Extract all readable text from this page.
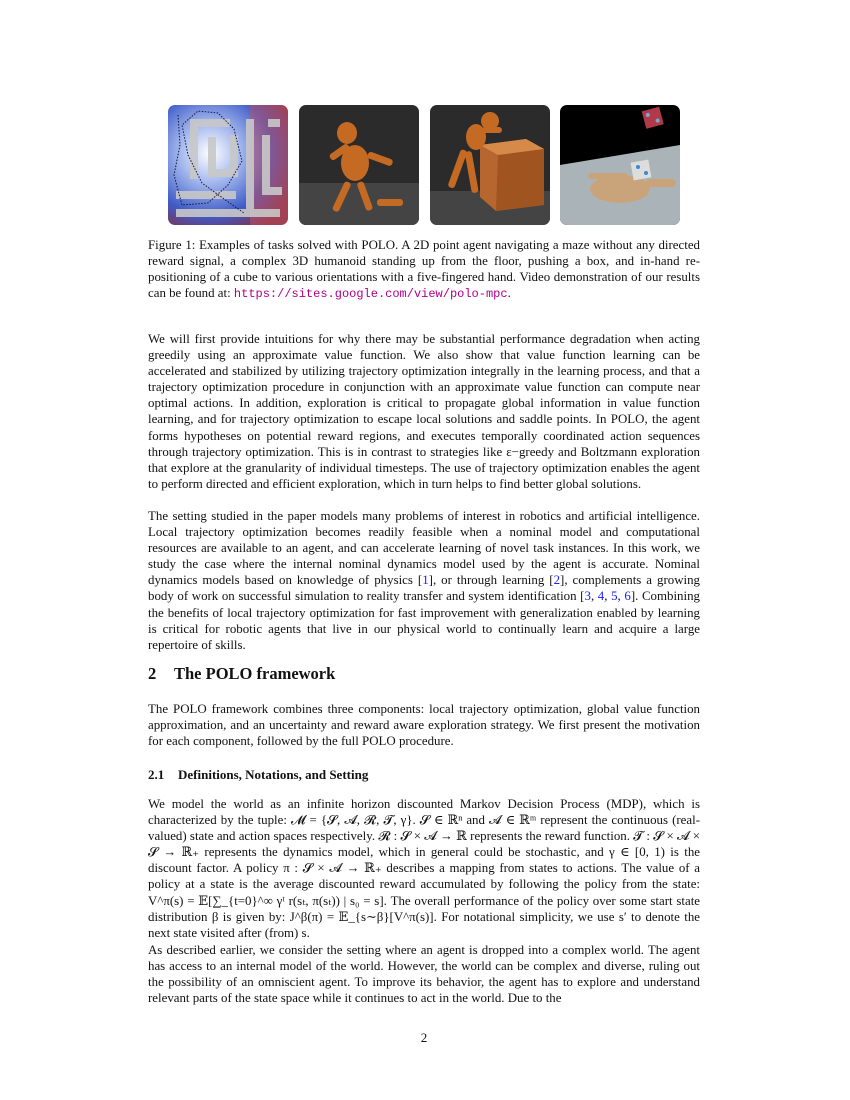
Figure 1: Examples of tasks solved with POLO. A 2D point agent navigating a maze without any directed reward signal, a complex 3D humanoid standing up from the floor, pushing a box, and in-hand re-positioning of a cube to various orientations with a five-fingered hand. Video demonstration of our results can be found at: https://sites.google.com/view/polo-mpc.

We will first provide intuitions for why there may be substantial performance degradation when acting greedily using an approximate value function. We also show that value function learning can be accelerated and stabilized by utilizing trajectory optimization integrally in the learning process, and that a trajectory optimization procedure in conjunction with an approximate value function can compute near optimal actions. In addition, exploration is critical to propagate global information in value function learning, and for trajectory optimization to escape local solutions and saddle points. In POLO, the agent forms hypotheses on potential reward regions, and executes temporally coordinated action sequences through trajectory optimization. This is in contrast to strategies like ε−greedy and Boltzmann exploration that explore at the granularity of individual timesteps. The use of trajectory optimization enables the agent to perform directed and efficient exploration, which in turn helps to find better global solutions.

The setting studied in the paper models many problems of interest in robotics and artificial intelligence. Local trajectory optimization becomes readily feasible when a nominal model and computational resources are available to an agent, and can accelerate learning of novel task instances. In this work, we study the case where the internal nominal dynamics model used by the agent is accurate. Nominal dynamics models based on knowledge of physics [1], or through learning [2], complements a growing body of work on successful simulation to reality transfer and system identification [3, 4, 5, 6]. Combining the benefits of local trajectory optimization for fast improvement with generalization enabled by learning is critical for robotic agents that live in our physical world to continually learn and acquire a large repertoire of skills.

2 The POLO framework

The POLO framework combines three components: local trajectory optimization, global value function approximation, and an uncertainty and reward aware exploration strategy. We first present the motivation for each component, followed by the full POLO procedure.

2.1 Definitions, Notations, and Setting

We model the world as an infinite horizon discounted Markov Decision Process (MDP), which is characterized by the tuple: 𝓜 = {𝓢, 𝓐, 𝓡, 𝓣, γ}. 𝓢 ∈ ℝⁿ and 𝓐 ∈ ℝᵐ represent the continuous (real-valued) state and action spaces respectively. 𝓡 : 𝓢 × 𝓐 → ℝ represents the reward function. 𝓣 : 𝓢 × 𝓐 × 𝓢 → ℝ₊ represents the dynamics model, which in general could be stochastic, and γ ∈ [0, 1) is the discount factor. A policy π : 𝓢 × 𝓐 → ℝ₊ describes a mapping from states to actions. The value of a policy at a state is the average discounted reward accumulated by following the policy from the state: V^π(s) = 𝔼[∑_{t=0}^∞ γᵗ r(sₜ, π(sₜ)) | s₀ = s]. The overall performance of the policy over some start state distribution β is given by: J^β(π) = 𝔼_{s∼β}[V^π(s)]. For notational simplicity, we use s′ to denote the next state visited after (from) s.

As described earlier, we consider the setting where an agent is dropped into a complex world. The agent has access to an internal model of the world. However, the world can be complex and diverse, ruling out the possibility of an omniscient agent. To improve its behavior, the agent has to explore and understand relevant parts of the state space while it continues to act in the world. Due to the

2
